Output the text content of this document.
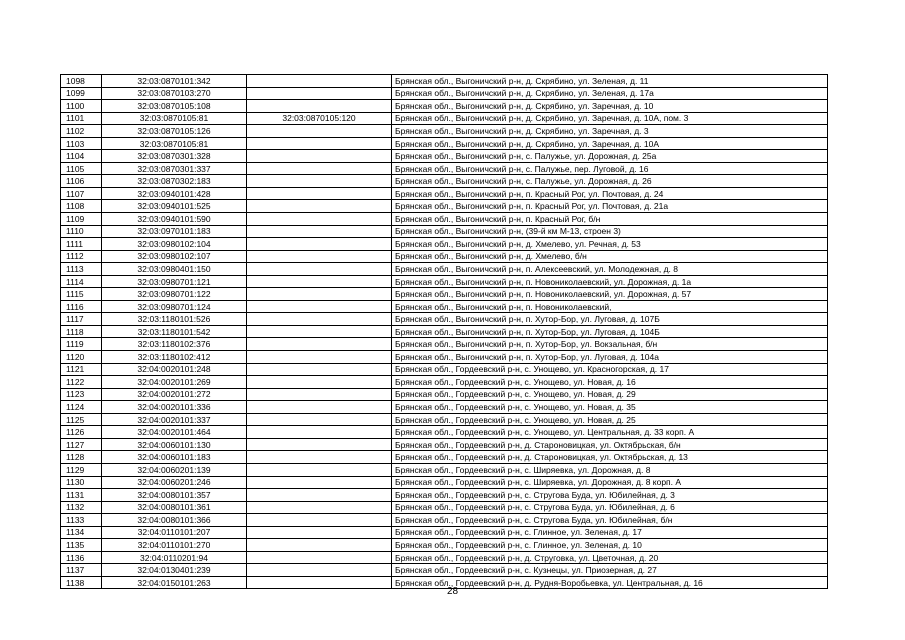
1098	32:03:0870101:342		Брянская обл., Выгоничский р-н, д. Скрябино, ул. Зеленая, д. 11
1099	32:03:0870103:270		Брянская обл., Выгоничский р-н, д. Скрябино, ул. Зеленая, д. 17а
1100	32:03:0870105:108		Брянская обл., Выгоничский р-н, д. Скрябино, ул. Заречная, д. 10
1101	32:03:0870105:81	32:03:0870105:120	Брянская обл., Выгоничский р-н, д. Скрябино, ул. Заречная, д. 10А, пом. 3
1102	32:03:0870105:126		Брянская обл., Выгоничский р-н, д. Скрябино, ул. Заречная, д. 3
1103	32:03:0870105:81		Брянская обл., Выгоничский р-н, д. Скрябино, ул. Заречная, д. 10А
1104	32:03:0870301:328		Брянская обл., Выгоничский р-н, с. Палужье, ул. Дорожная, д. 25а
1105	32:03:0870301:337		Брянская обл., Выгоничский р-н, с. Палужье, пер. Луговой, д. 16
1106	32:03:0870302:183		Брянская обл., Выгоничский р-н, с. Палужье, ул. Дорожная, д. 26
1107	32:03:0940101:428		Брянская обл., Выгоничский р-н, п. Красный Рог, ул. Почтовая, д. 24
1108	32:03:0940101:525		Брянская обл., Выгоничский р-н, п. Красный Рог, ул. Почтовая, д. 21а
1109	32:03:0940101:590		Брянская обл., Выгоничский р-н, п. Красный Рог, б/н
1110	32:03:0970101:183		Брянская обл., Выгоничский р-н, (39-й км М-13, строен 3)
1111	32:03:0980102:104		Брянская обл., Выгоничский р-н, д. Хмелево, ул. Речная, д. 53
1112	32:03:0980102:107		Брянская обл., Выгоничский р-н, д. Хмелево, б/н
1113	32:03:0980401:150		Брянская обл., Выгоничский р-н, п. Алексеевский, ул. Молодежная, д. 8
1114	32:03:0980701:121		Брянская обл., Выгоничский р-н, п. Новониколаевский, ул. Дорожная, д. 1а
1115	32:03:0980701:122		Брянская обл., Выгоничский р-н, п. Новониколаевский, ул. Дорожная, д. 57
1116	32:03:0980701:124		Брянская обл., Выгоничский р-н, п. Новониколаевский,
1117	32:03:1180101:526		Брянская обл., Выгоничский р-н, п. Хутор-Бор, ул. Луговая, д. 107Б
1118	32:03:1180101:542		Брянская обл., Выгоничский р-н, п. Хутор-Бор, ул. Луговая, д. 104Б
1119	32:03:1180102:376		Брянская обл., Выгоничский р-н, п. Хутор-Бор, ул. Вокзальная, б/н
1120	32:03:1180102:412		Брянская обл., Выгоничский р-н, п. Хутор-Бор, ул. Луговая, д. 104а
1121	32:04:0020101:248		Брянская обл., Гордеевский р-н, с. Унощево, ул. Красногорская, д. 17
1122	32:04:0020101:269		Брянская обл., Гордеевский р-н, с. Унощево, ул. Новая, д. 16
1123	32:04:0020101:272		Брянская обл., Гордеевский р-н, с. Унощево, ул. Новая, д. 29
1124	32:04:0020101:336		Брянская обл., Гордеевский р-н, с. Унощево, ул. Новая, д. 35
1125	32:04:0020101:337		Брянская обл., Гордеевский р-н, с. Унощево, ул. Новая, д. 25
1126	32:04:0020101:464		Брянская обл., Гордеевский р-н, с. Унощево, ул. Центральная, д. 33 корп. А
1127	32:04:0060101:130		Брянская обл., Гордеевский р-н, д. Староновицкая, ул. Октябрьская, б/н
1128	32:04:0060101:183		Брянская обл., Гордеевский р-н, д. Староновицкая, ул. Октябрьская, д. 13
1129	32:04:0060201:139		Брянская обл., Гордеевский р-н, с. Ширяевка, ул. Дорожная, д. 8
1130	32:04:0060201:246		Брянская обл., Гордеевский р-н, с. Ширяевка, ул. Дорожная, д. 8 корп. А
1131	32:04:0080101:357		Брянская обл., Гордеевский р-н, с. Стругова Буда, ул. Юбилейная, д. 3
1132	32:04:0080101:361		Брянская обл., Гордеевский р-н, с. Стругова Буда, ул. Юбилейная, д. 6
1133	32:04:0080101:366		Брянская обл., Гордеевский р-н, с. Стругова Буда, ул. Юбилейная, б/н
1134	32:04:0110101:207		Брянская обл., Гордеевский р-н, с. Глинное, ул. Зеленая, д. 17
1135	32:04:0110101:270		Брянская обл., Гордеевский р-н, с. Глинное, ул. Зеленая, д. 10
1136	32:04:0110201:94		Брянская обл., Гордеевский р-н, д. Струговка, ул. Цветочная, д. 20
1137	32:04:0130401:239		Брянская обл., Гордеевский р-н, с. Кузнецы, ул. Приозерная, д. 27
1138	32:04:0150101:263		Брянская обл., Гордеевский р-н, д. Рудня-Воробьевка, ул. Центральная, д. 16
28
